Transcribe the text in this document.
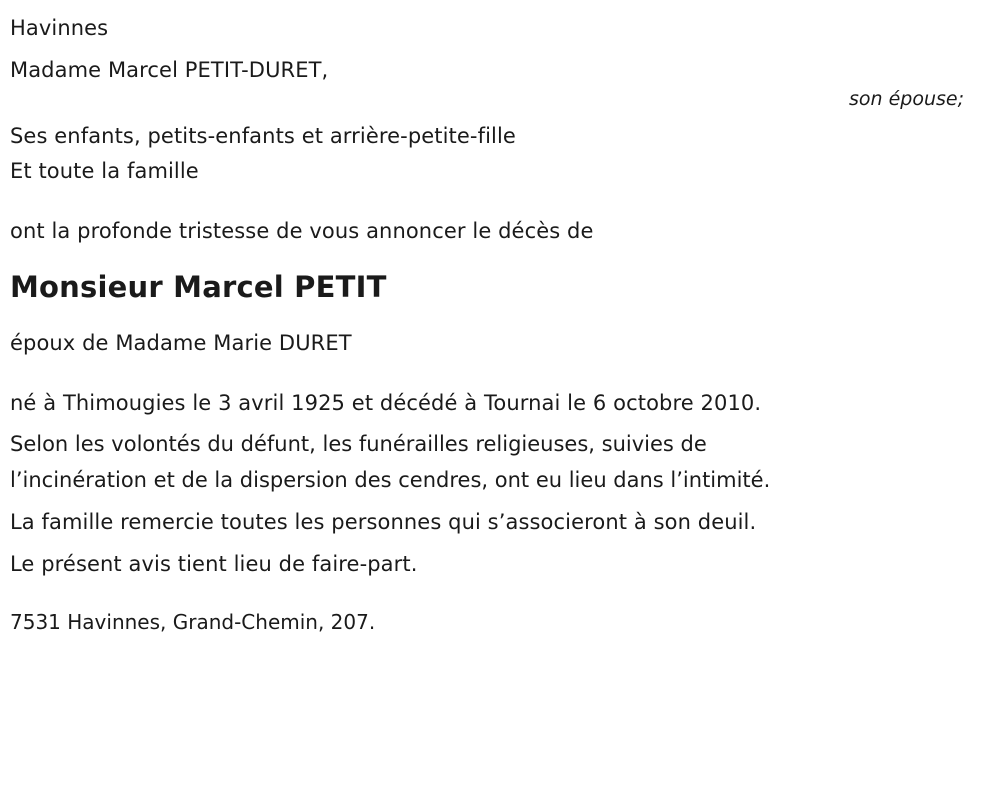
Havinnes
Madame Marcel PETIT-DURET,
son épouse;

Ses enfants, petits-enfants et arrière-petite-fille

Et toute la famille

ont la profonde tristesse de vous annoncer le décès de
Monsieur Marcel PETIT
époux de Madame Marie DURET
né à Thimougies le 3 avril 1925 et décédé à Tournai le 6 octobre 2010.

Selon les volontés du défunt, les funérailles religieuses, suivies de

l’incinération et de la dispersion des cendres, ont eu lieu dans l’intimité.

La famille remercie toutes les personnes qui s’associeront à son deuil.
Le présent avis tient lieu de faire-part.
7531 Havinnes, Grand-Chemin, 207.
